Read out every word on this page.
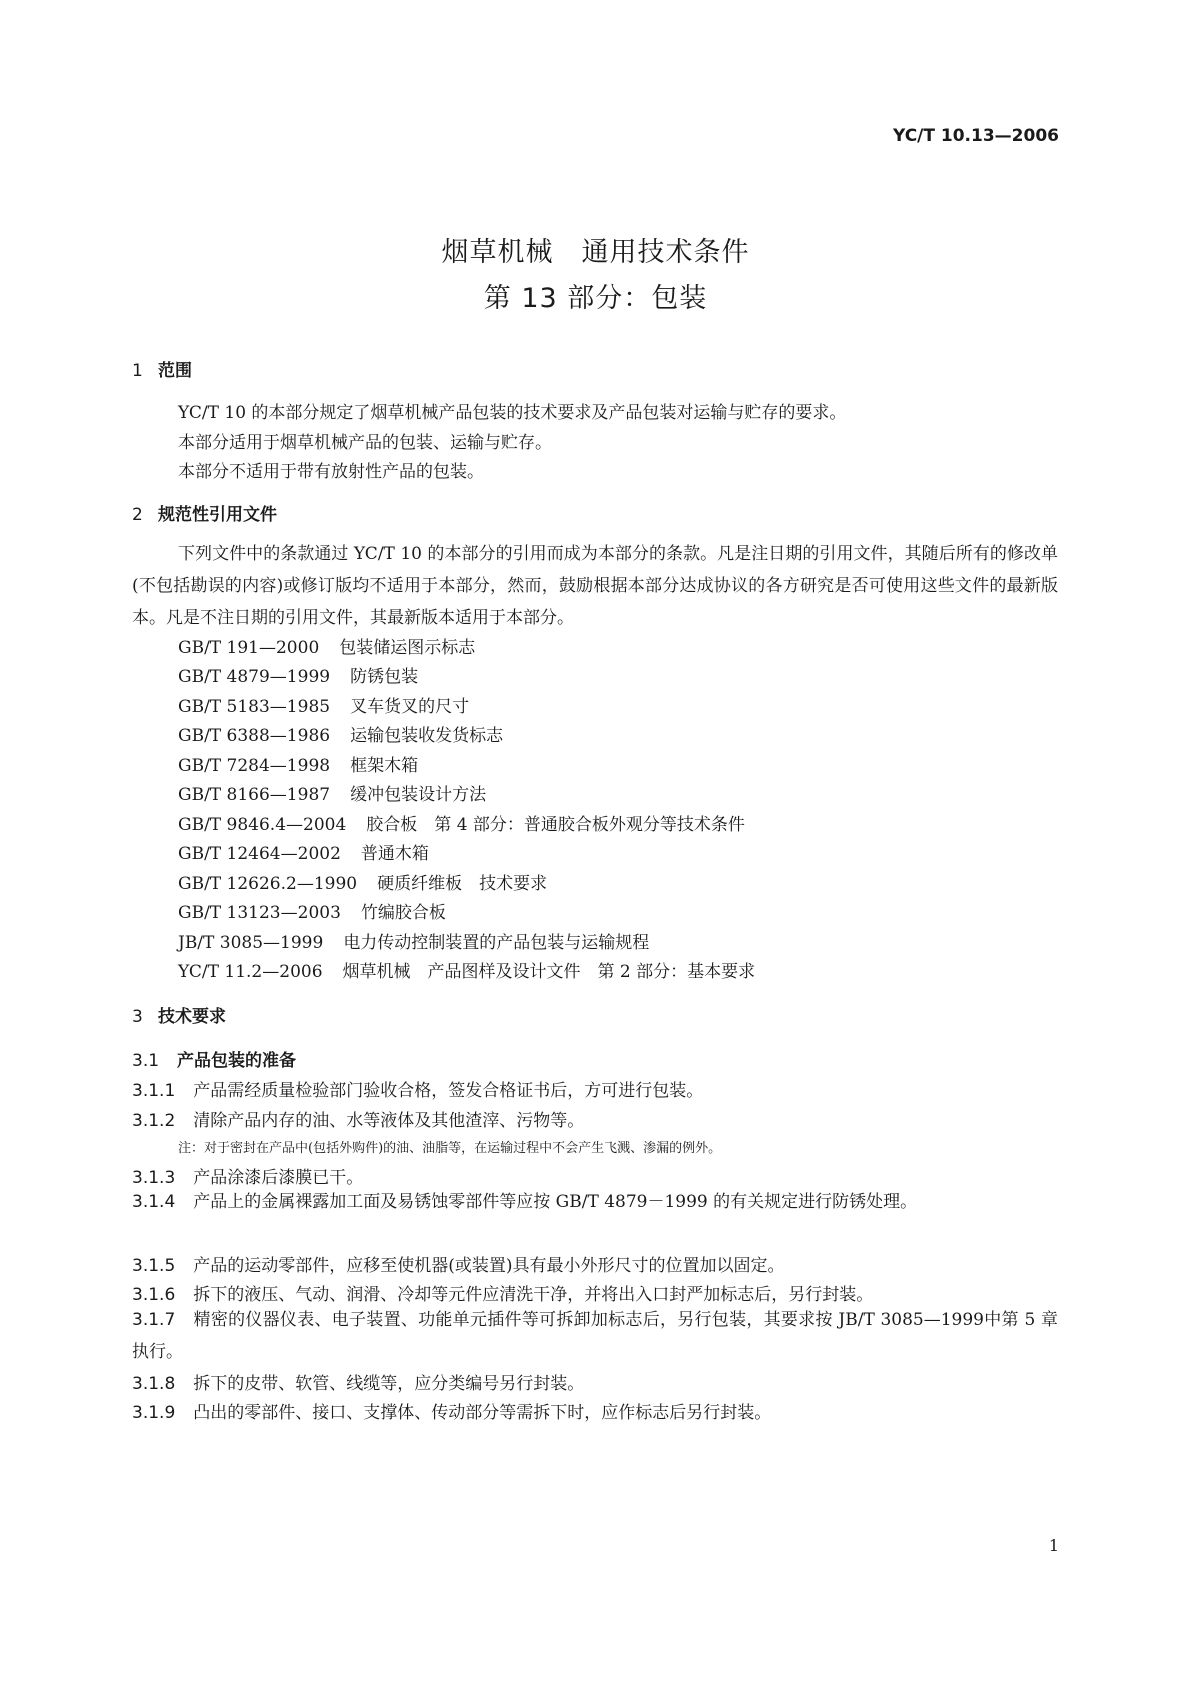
YC/T 10.13—2006
烟草机械　通用技术条件
第 13 部分：包装
1 范围
YC/T 10 的本部分规定了烟草机械产品包装的技术要求及产品包装对运输与贮存的要求。
本部分适用于烟草机械产品的包装、运输与贮存。
本部分不适用于带有放射性产品的包装。
2 规范性引用文件
下列文件中的条款通过 YC/T 10 的本部分的引用而成为本部分的条款。凡是注日期的引用文件，其随后所有的修改单(不包括勘误的内容)或修订版均不适用于本部分，然而，鼓励根据本部分达成协议的各方研究是否可使用这些文件的最新版本。凡是不注日期的引用文件，其最新版本适用于本部分。
GB/T 191—2000 包装储运图示标志
GB/T 4879—1999 防锈包装
GB/T 5183—1985 叉车货叉的尺寸
GB/T 6388—1986 运输包装收发货标志
GB/T 7284—1998 框架木箱
GB/T 8166—1987 缓冲包装设计方法
GB/T 9846.4—2004 胶合板　第 4 部分：普通胶合板外观分等技术条件
GB/T 12464—2002 普通木箱
GB/T 12626.2—1990 硬质纤维板　技术要求
GB/T 13123—2003 竹编胶合板
JB/T 3085—1999 电力传动控制装置的产品包装与运输规程
YC/T 11.2—2006 烟草机械　产品图样及设计文件　第 2 部分：基本要求
3 技术要求
3.1 产品包装的准备
3.1.1 产品需经质量检验部门验收合格，签发合格证书后，方可进行包装。
3.1.2 清除产品内存的油、水等液体及其他渣滓、污物等。
注：对于密封在产品中(包括外购件)的油、油脂等，在运输过程中不会产生飞溅、渗漏的例外。
3.1.3 产品涂漆后漆膜已干。
3.1.4 产品上的金属裸露加工面及易锈蚀零部件等应按 GB/T 4879－1999 的有关规定进行防锈处理。
3.1.5 产品的运动零部件，应移至使机器(或装置)具有最小外形尺寸的位置加以固定。
3.1.6 拆下的液压、气动、润滑、冷却等元件应清洗干净，并将出入口封严加标志后，另行封装。
3.1.7 精密的仪器仪表、电子装置、功能单元插件等可拆卸加标志后，另行包装，其要求按 JB/T 3085—1999中第 5 章执行。
3.1.8 拆下的皮带、软管、线缆等，应分类编号另行封装。
3.1.9 凸出的零部件、接口、支撑体、传动部分等需拆下时，应作标志后另行封装。
1
